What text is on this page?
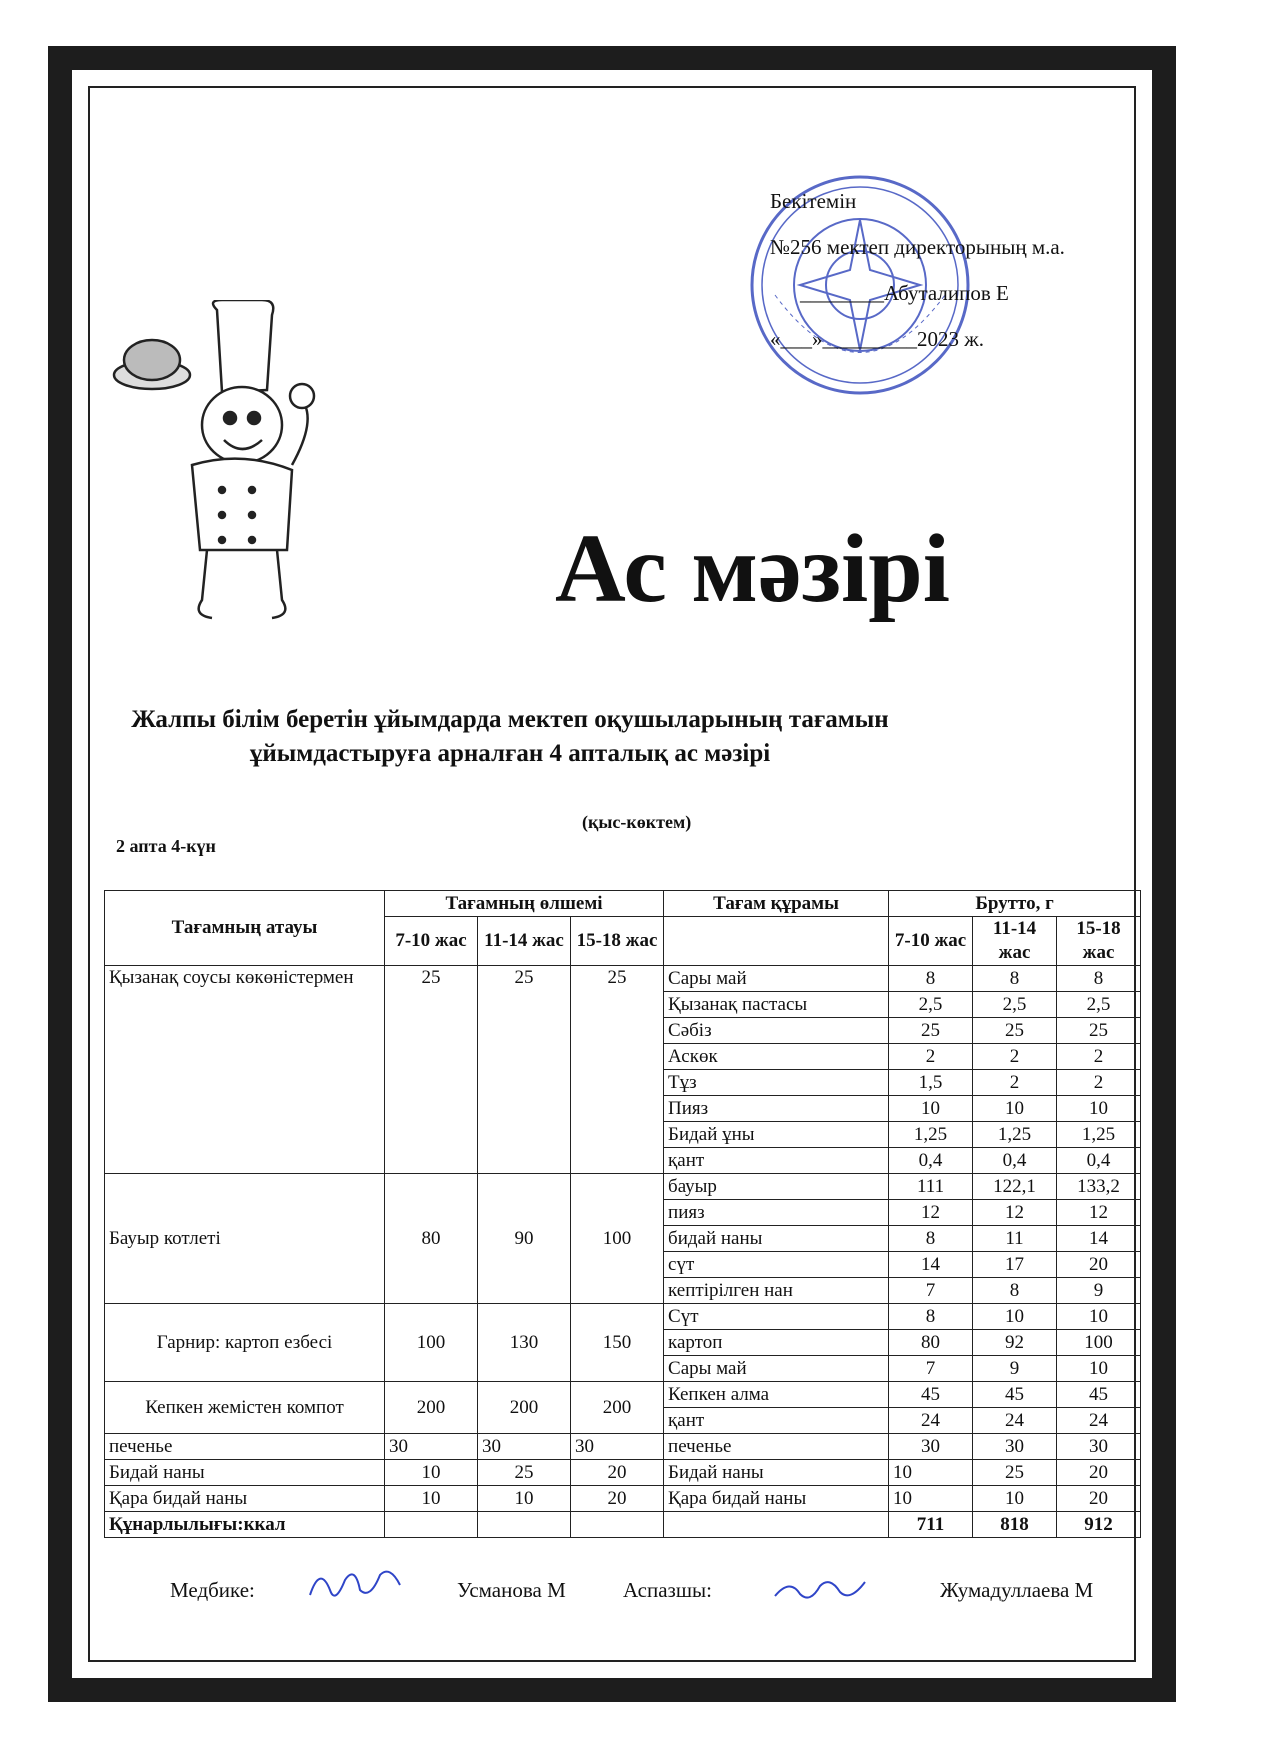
Бекітемін
№256 мектеп директорының м.а.
________Абуталипов Е
«___»_________2023 ж.
Ас мәзірі
Жалпы білім беретін ұйымдарда мектеп оқушыларының тағамын ұйымдастыруға арналған 4 апталық ас мәзірі
(қыс-көктем)
2 апта 4-күн
Тағамның атауы	Тағамның өлшемі			Тағам құрамы	Брутто, г		
	7-10 жас	11-14 жас	15-18 жас		7-10 жас	11-14 жас	15-18 жас
Қызанақ соусы көкөністермен	25	25	25	Сары май	8	8	8
				Қызанақ пастасы	2,5	2,5	2,5
				Сәбіз	25	25	25
				Аскөк	2	2	2
				Тұз	1,5	2	2
				Пияз	10	10	10
				Бидай ұны	1,25	1,25	1,25
				қант	0,4	0,4	0,4
Бауыр котлеті	80	90	100	бауыр	111	122,1	133,2
				пияз	12	12	12
				бидай наны	8	11	14
				сүт	14	17	20
				кептірілген нан	7	8	9
Гарнир: картоп езбесі	100	130	150	Сүт	8	10	10
				картоп	80	92	100
				Сары май	7	9	10
Кепкен жемістен компот	200	200	200	Кепкен алма	45	45	45
				қант	24	24	24
печенье	30	30	30	печенье	30	30	30
Бидай наны	10	25	20	Бидай наны	10	25	20
Қара бидай наны	10	10	20	Қара бидай наны	10	10	20
Құнарлылығы:ккал					711	818	912
Медбике:	Усманова М	Аспазшы:	Жумадуллаева М
